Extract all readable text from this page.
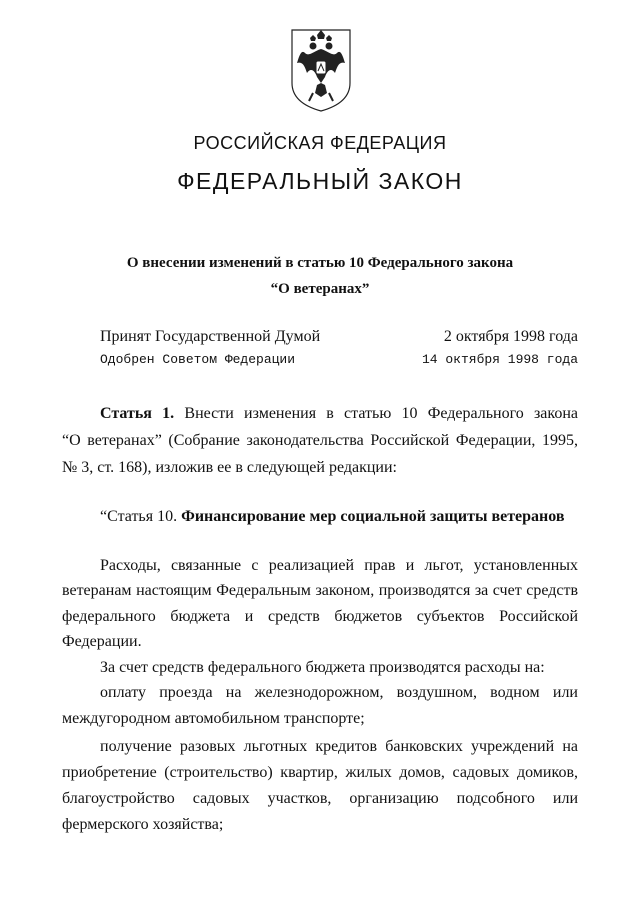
РОССИЙСКАЯ ФЕДЕРАЦИЯ
ФЕДЕРАЛЬНЫЙ ЗАКОН
О внесении изменений в статью 10 Федерального закона
“О ветеранах”
Принят Государственной Думой	2 октября 1998 года
Одобрен Советом Федерации	14 октября 1998 года
Статья 1. Внести изменения в статью 10 Федерального закона
“О ветеранах” (Собрание законодательства Российской Федерации, 1995,
№ 3, ст. 168), изложив ее в следующей редакции:
“Статья 10. Финансирование мер социальной защиты ветеранов
Расходы, связанные с реализацией прав и льгот, установленных
ветеранам настоящим Федеральным законом, производятся за счет средств
федерального бюджета и средств бюджетов субъектов Российской
Федерации.
За счет средств федерального бюджета производятся расходы на:
оплату проезда на железнодорожном, воздушном, водном или
междугородном автомобильном транспорте;
получение разовых льготных кредитов банковских учреждений на
приобретение (строительство) квартир, жилых домов, садовых домиков,
благоустройство садовых участков, организацию подсобного или
фермерского хозяйства;
